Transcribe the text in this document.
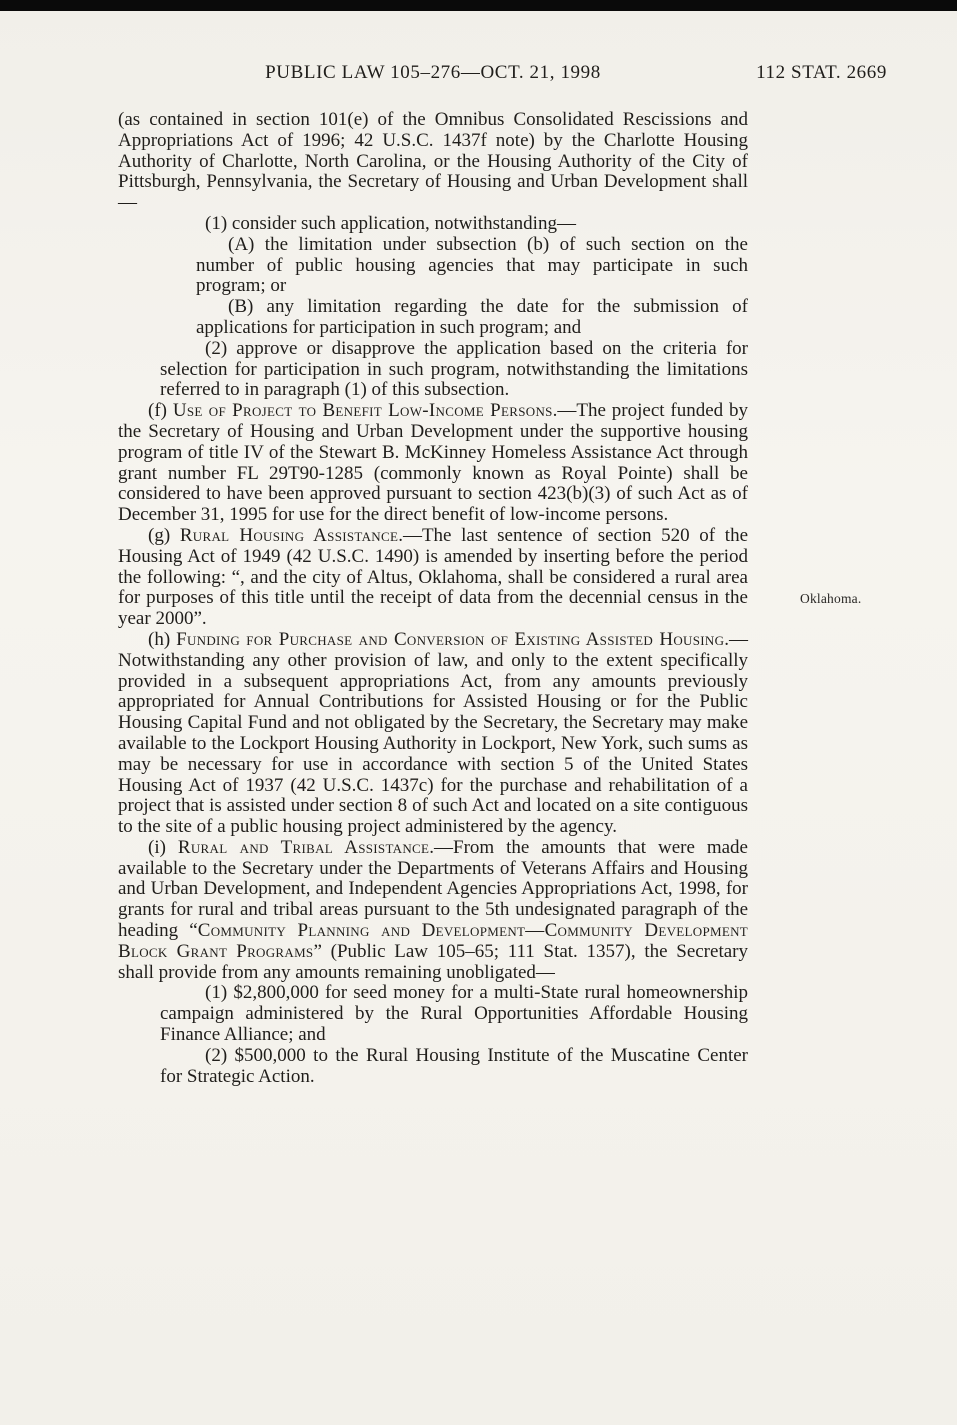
PUBLIC LAW 105–276—OCT. 21, 1998	112 STAT. 2669

(as contained in section 101(e) of the Omnibus Consolidated Rescissions and Appropriations Act of 1996; 42 U.S.C. 1437f note) by the Charlotte Housing Authority of Charlotte, North Carolina, or the Housing Authority of the City of Pittsburgh, Pennsylvania, the Secretary of Housing and Urban Development shall—

(1) consider such application, notwithstanding—

(A) the limitation under subsection (b) of such section on the number of public housing agencies that may participate in such program; or

(B) any limitation regarding the date for the submission of applications for participation in such program; and

(2) approve or disapprove the application based on the criteria for selection for participation in such program, notwithstanding the limitations referred to in paragraph (1) of this subsection.

(f) Use of Project to Benefit Low-Income Persons.—The project funded by the Secretary of Housing and Urban Development under the supportive housing program of title IV of the Stewart B. McKinney Homeless Assistance Act through grant number FL 29T90-1285 (commonly known as Royal Pointe) shall be considered to have been approved pursuant to section 423(b)(3) of such Act as of December 31, 1995 for use for the direct benefit of low-income persons.

(g) Rural Housing Assistance.—The last sentence of section 520 of the Housing Act of 1949 (42 U.S.C. 1490) is amended by inserting before the period the following: “, and the city of Altus, Oklahoma, shall be considered a rural area for purposes of this title until the receipt of data from the decennial census in the year 2000”.

(h) Funding for Purchase and Conversion of Existing Assisted Housing.—Notwithstanding any other provision of law, and only to the extent specifically provided in a subsequent appropriations Act, from any amounts previously appropriated for Annual Contributions for Assisted Housing or for the Public Housing Capital Fund and not obligated by the Secretary, the Secretary may make available to the Lockport Housing Authority in Lockport, New York, such sums as may be necessary for use in accordance with section 5 of the United States Housing Act of 1937 (42 U.S.C. 1437c) for the purchase and rehabilitation of a project that is assisted under section 8 of such Act and located on a site contiguous to the site of a public housing project administered by the agency.

(i) Rural and Tribal Assistance.—From the amounts that were made available to the Secretary under the Departments of Veterans Affairs and Housing and Urban Development, and Independent Agencies Appropriations Act, 1998, for grants for rural and tribal areas pursuant to the 5th undesignated paragraph of the heading “Community Planning and Development—Community Development Block Grant Programs” (Public Law 105–65; 111 Stat. 1357), the Secretary shall provide from any amounts remaining unobligated—

(1) $2,800,000 for seed money for a multi-State rural homeownership campaign administered by the Rural Opportunities Affordable Housing Finance Alliance; and

(2) $500,000 to the Rural Housing Institute of the Muscatine Center for Strategic Action.

Oklahoma.
